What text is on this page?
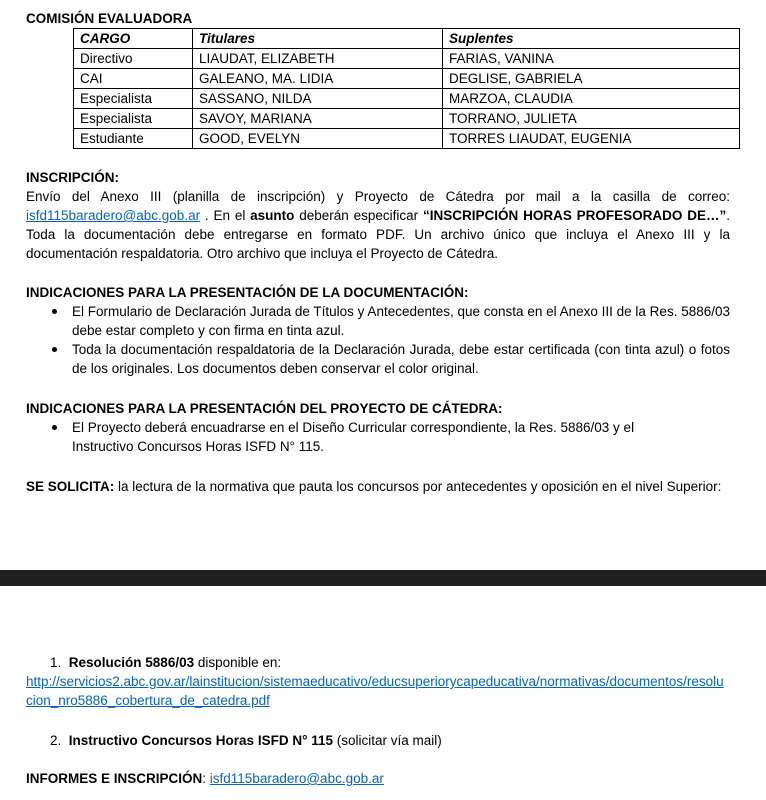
COMISIÓN EVALUADORA
CARGO	Titulares	Suplentes
Directivo	LIAUDAT, ELIZABETH	FARIAS, VANINA
CAI	GALEANO, MA. LIDIA	DEGLISE, GABRIELA
Especialista	SASSANO, NILDA	MARZOA, CLAUDIA
Especialista	SAVOY, MARIANA	TORRANO, JULIETA
Estudiante	GOOD, EVELYN	TORRES LIAUDAT, EUGENIA
INSCRIPCIÓN:
Envío del Anexo III (planilla de inscripción) y Proyecto de Cátedra por mail a la casilla de correo: isfd115baradero@abc.gob.ar . En el asunto deberán especificar “INSCRIPCIÓN HORAS PROFESORADO DE…”. Toda la documentación debe entregarse en formato PDF. Un archivo único que incluya el Anexo III y la documentación respaldatoria. Otro archivo que incluya el Proyecto de Cátedra.
INDICACIONES PARA LA PRESENTACIÓN DE LA DOCUMENTACIÓN:
El Formulario de Declaración Jurada de Títulos y Antecedentes, que consta en el Anexo III de la Res. 5886/03 debe estar completo y con firma en tinta azul.
Toda la documentación respaldatoria de la Declaración Jurada, debe estar certificada (con tinta azul) o fotos de los originales. Los documentos deben conservar el color original.
INDICACIONES PARA LA PRESENTACIÓN DEL PROYECTO DE CÁTEDRA:
El Proyecto deberá encuadrarse en el Diseño Curricular correspondiente, la Res. 5886/03 y el Instructivo Concursos Horas ISFD N° 115.
SE SOLICITA: la lectura de la normativa que pauta los concursos por antecedentes y oposición en el nivel Superior:
1. Resolución 5886/03 disponible en:
http://servicios2.abc.gov.ar/lainstitucion/sistemaeducativo/educsuperiorycapeducativa/normativas/documentos/resolucion_nro5886_cobertura_de_catedra.pdf
2. Instructivo Concursos Horas ISFD N° 115 (solicitar vía mail)
INFORMES E INSCRIPCIÓN: isfd115baradero@abc.gob.ar
